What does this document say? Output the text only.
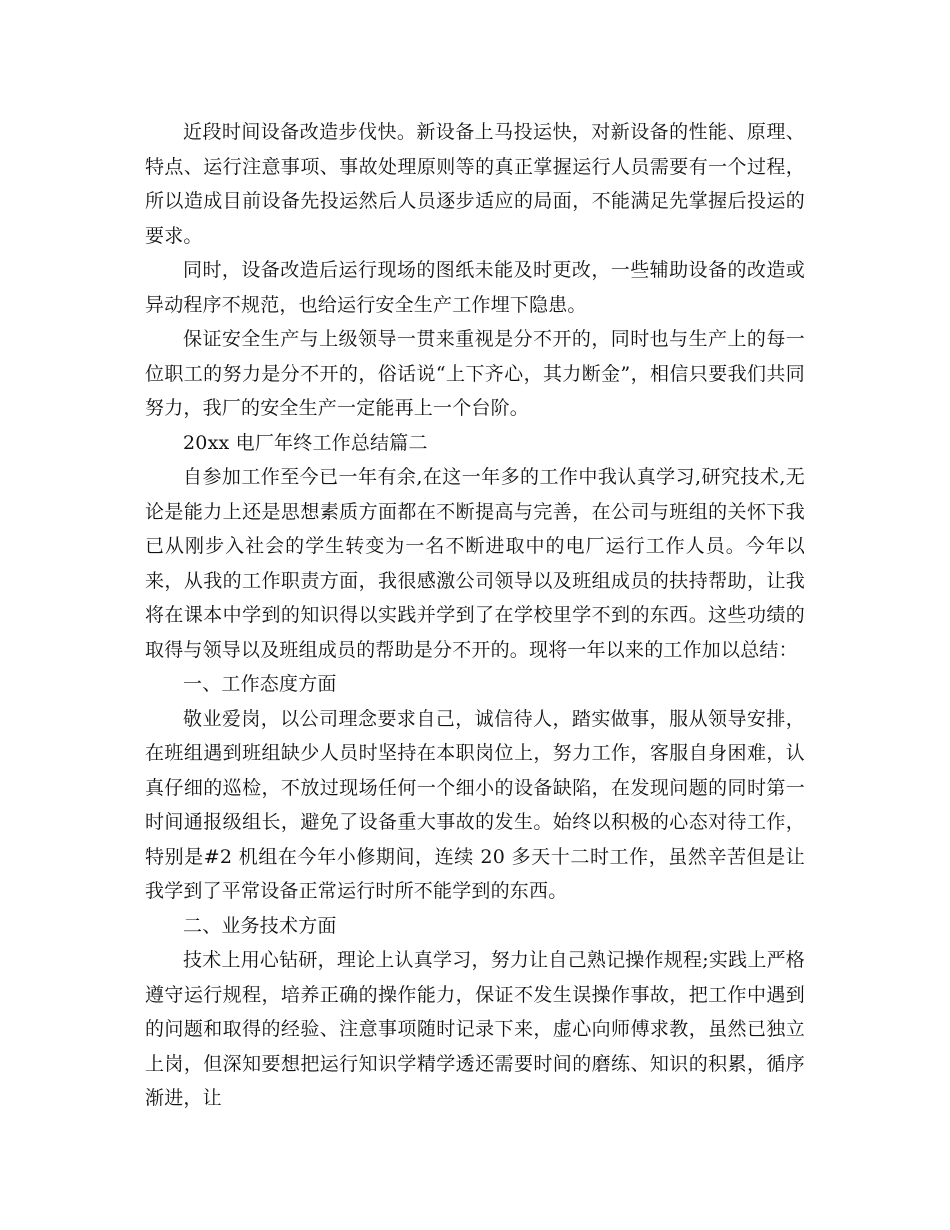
近段时间设备改造步伐快。新设备上马投运快，对新设备的性能、原理、特点、运行注意事项、事故处理原则等的真正掌握运行人员需要有一个过程，所以造成目前设备先投运然后人员逐步适应的局面，不能满足先掌握后投运的要求。

同时，设备改造后运行现场的图纸未能及时更改，一些辅助设备的改造或异动程序不规范，也给运行安全生产工作埋下隐患。

保证安全生产与上级领导一贯来重视是分不开的，同时也与生产上的每一位职工的努力是分不开的，俗话说“上下齐心，其力断金”，相信只要我们共同努力，我厂的安全生产一定能再上一个台阶。

20xx 电厂年终工作总结篇二

自参加工作至今已一年有余,在这一年多的工作中我认真学习,研究技术,无论是能力上还是思想素质方面都在不断提高与完善，在公司与班组的关怀下我已从刚步入社会的学生转变为一名不断进取中的电厂运行工作人员。今年以来，从我的工作职责方面，我很感激公司领导以及班组成员的扶持帮助，让我将在课本中学到的知识得以实践并学到了在学校里学不到的东西。这些功绩的取得与领导以及班组成员的帮助是分不开的。现将一年以来的工作加以总结：

一、工作态度方面

敬业爱岗，以公司理念要求自己，诚信待人，踏实做事，服从领导安排，在班组遇到班组缺少人员时坚持在本职岗位上，努力工作，客服自身困难，认真仔细的巡检，不放过现场任何一个细小的设备缺陷，在发现问题的同时第一时间通报级组长，避免了设备重大事故的发生。始终以积极的心态对待工作，特别是#2 机组在今年小修期间，连续 20 多天十二时工作，虽然辛苦但是让我学到了平常设备正常运行时所不能学到的东西。

二、业务技术方面

技术上用心钻研，理论上认真学习，努力让自己熟记操作规程;实践上严格遵守运行规程，培养正确的操作能力，保证不发生误操作事故，把工作中遇到的问题和取得的经验、注意事项随时记录下来，虚心向师傅求教，虽然已独立上岗，但深知要想把运行知识学精学透还需要时间的磨练、知识的积累，循序渐进，让
